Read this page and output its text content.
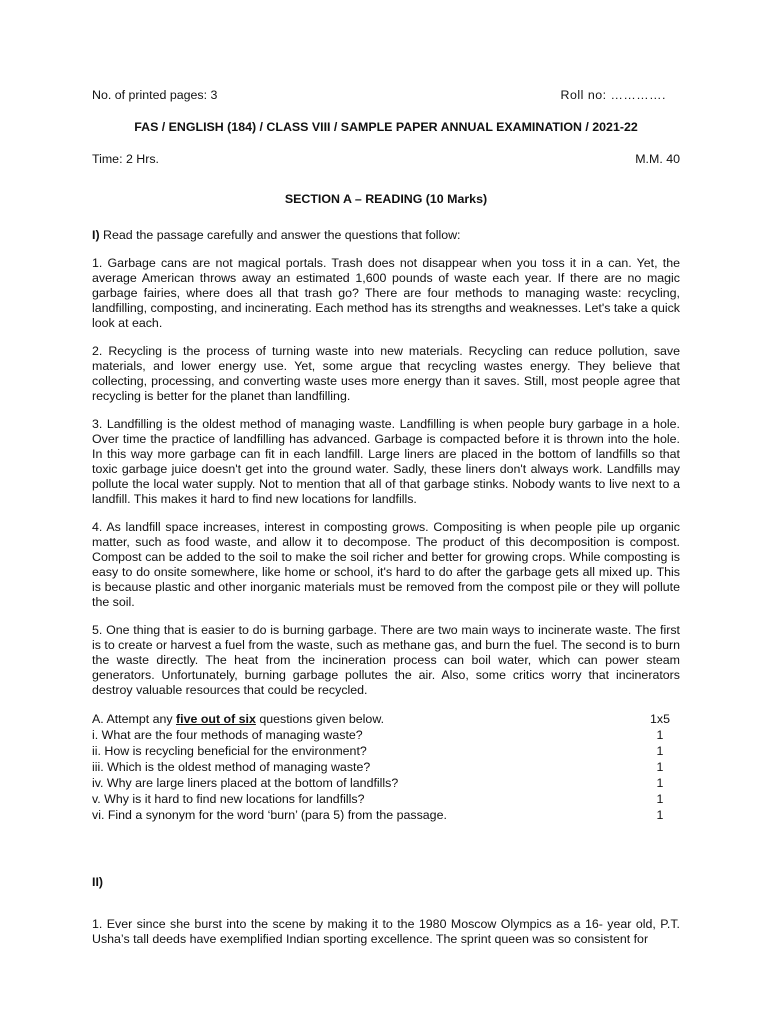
No. of printed pages: 3	Roll no: ………….
FAS / ENGLISH (184) / CLASS VIII / SAMPLE PAPER ANNUAL EXAMINATION / 2021-22
Time: 2 Hrs.	M.M. 40
SECTION A – READING (10 Marks)
I) Read the passage carefully and answer the questions that follow:

1. Garbage cans are not magical portals. Trash does not disappear when you toss it in a can. Yet, the average American throws away an estimated 1,600 pounds of waste each year. If there are no magic garbage fairies, where does all that trash go? There are four methods to managing waste: recycling, landfilling, composting, and incinerating. Each method has its strengths and weaknesses. Let's take a quick look at each.

2. Recycling is the process of turning waste into new materials. Recycling can reduce pollution, save materials, and lower energy use. Yet, some argue that recycling wastes energy. They believe that collecting, processing, and converting waste uses more energy than it saves. Still, most people agree that recycling is better for the planet than landfilling.

3. Landfilling is the oldest method of managing waste. Landfilling is when people bury garbage in a hole. Over time the practice of landfilling has advanced. Garbage is compacted before it is thrown into the hole. In this way more garbage can fit in each landfill. Large liners are placed in the bottom of landfills so that toxic garbage juice doesn't get into the ground water. Sadly, these liners don't always work. Landfills may pollute the local water supply. Not to mention that all of that garbage stinks. Nobody wants to live next to a landfill. This makes it hard to find new locations for landfills.

4. As landfill space increases, interest in composting grows. Compositing is when people pile up organic matter, such as food waste, and allow it to decompose. The product of this decomposition is compost. Compost can be added to the soil to make the soil richer and better for growing crops. While composting is easy to do onsite somewhere, like home or school, it's hard to do after the garbage gets all mixed up. This is because plastic and other inorganic materials must be removed from the compost pile or they will pollute the soil.

5. One thing that is easier to do is burning garbage. There are two main ways to incinerate waste. The first is to create or harvest a fuel from the waste, such as methane gas, and burn the fuel. The second is to burn the waste directly. The heat from the incineration process can boil water, which can power steam generators. Unfortunately, burning garbage pollutes the air. Also, some critics worry that incinerators destroy valuable resources that could be recycled.

A. Attempt any five out of six questions given below.	1x5
i. What are the four methods of managing waste?	1
ii. How is recycling beneficial for the environment?	1
iii. Which is the oldest method of managing waste?	1
iv. Why are large liners placed at the bottom of landfills?	1
v. Why is it hard to find new locations for landfills?	1
vi. Find a synonym for the word ‘burn’ (para 5) from the passage.	1
II)

1. Ever since she burst into the scene by making it to the 1980 Moscow Olympics as a 16- year old, P.T. Usha’s tall deeds have exemplified Indian sporting excellence. The sprint queen was so consistent for
